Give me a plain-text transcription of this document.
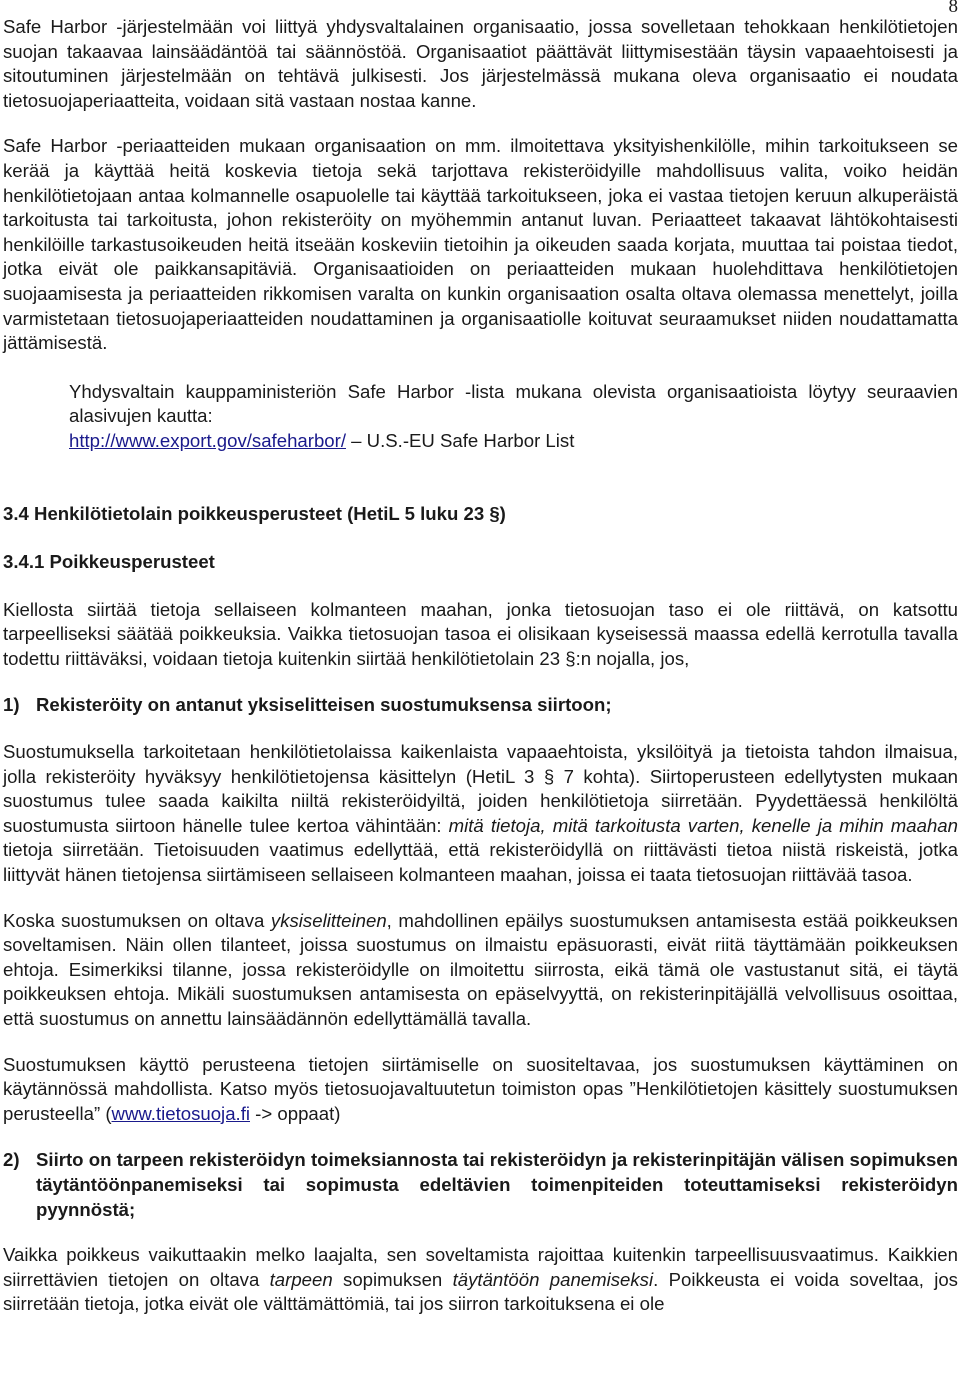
8

Safe Harbor -järjestelmään voi liittyä yhdysvaltalainen organisaatio, jossa sovelletaan tehokkaan henkilötietojen suojan takaavaa lainsäädäntöä tai säännöstöä. Organisaatiot päättävät liittymisestään täysin vapaaehtoisesti ja sitoutuminen järjestelmään on tehtävä julkisesti. Jos järjestelmässä mukana oleva organisaatio ei noudata tietosuojaperiaatteita, voidaan sitä vastaan nostaa kanne.

Safe Harbor -periaatteiden mukaan organisaation on mm. ilmoitettava yksityishenkilölle, mihin tarkoitukseen se kerää ja käyttää heitä koskevia tietoja sekä tarjottava rekisteröidyille mahdollisuus valita, voiko heidän henkilötietojaan antaa kolmannelle osapuolelle tai käyttää tarkoitukseen, joka ei vastaa tietojen keruun alkuperäistä tarkoitusta tai tarkoitusta, johon rekisteröity on myöhemmin antanut luvan. Periaatteet takaavat lähtökohtaisesti henkilöille tarkastusoikeuden heitä itseään koskeviin tietoihin ja oikeuden saada korjata, muuttaa tai poistaa tiedot, jotka eivät ole paikkansapitäviä. Organisaatioiden on periaatteiden mukaan huolehdittava henkilötietojen suojaamisesta ja periaatteiden rikkomisen varalta on kunkin organisaation osalta oltava olemassa menettelyt, joilla varmistetaan tietosuojaperiaatteiden noudattaminen ja organisaatiolle koituvat seuraamukset niiden noudattamatta jättämisestä.

Yhdysvaltain kauppaministeriön Safe Harbor -lista mukana olevista organisaatioista löytyy seuraavien alasivujen kautta:

http://www.export.gov/safeharbor/ – U.S.-EU Safe Harbor List

3.4 Henkilötietolain poikkeusperusteet (HetiL 5 luku 23 §)
3.4.1 Poikkeusperusteet

Kiellosta siirtää tietoja sellaiseen kolmanteen maahan, jonka tietosuojan taso ei ole riittävä, on katsottu tarpeelliseksi säätää poikkeuksia. Vaikka tietosuojan tasoa ei olisikaan kyseisessä maassa edellä kerrotulla tavalla todettu riittäväksi, voidaan tietoja kuitenkin siirtää henkilötietolain 23 §:n nojalla, jos,

1) Rekisteröity on antanut yksiselitteisen suostumuksensa siirtoon;

Suostumuksella tarkoitetaan henkilötietolaissa kaikenlaista vapaaehtoista, yksilöityä ja tietoista tahdon ilmaisua, jolla rekisteröity hyväksyy henkilötietojensa käsittelyn (HetiL 3 § 7 kohta). Siirtoperusteen edellytysten mukaan suostumus tulee saada kaikilta niiltä rekisteröidyiltä, joiden henkilötietoja siirretään. Pyydettäessä henkilöltä suostumusta siirtoon hänelle tulee kertoa vähintään: mitä tietoja, mitä tarkoitusta varten, kenelle ja mihin maahan tietoja siirretään. Tietoisuuden vaatimus edellyttää, että rekisteröidyllä on riittävästi tietoa niistä riskeistä, jotka liittyvät hänen tietojensa siirtämiseen sellaiseen kolmanteen maahan, joissa ei taata tietosuojan riittävää tasoa.

Koska suostumuksen on oltava yksiselitteinen, mahdollinen epäilys suostumuksen antamisesta estää poikkeuksen soveltamisen. Näin ollen tilanteet, joissa suostumus on ilmaistu epäsuorasti, eivät riitä täyttämään poikkeuksen ehtoja. Esimerkiksi tilanne, jossa rekisteröidylle on ilmoitettu siirrosta, eikä tämä ole vastustanut sitä, ei täytä poikkeuksen ehtoja. Mikäli suostumuksen antamisesta on epäselvyyttä, on rekisterinpitäjällä velvollisuus osoittaa, että suostumus on annettu lainsäädännön edellyttämällä tavalla.

Suostumuksen käyttö perusteena tietojen siirtämiselle on suositeltavaa, jos suostumuksen käyttäminen on käytännössä mahdollista. Katso myös tietosuojavaltuutetun toimiston opas ”Henkilötietojen käsittely suostumuksen perusteella” (www.tietosuoja.fi -> oppaat)

2) Siirto on tarpeen rekisteröidyn toimeksiannosta tai rekisteröidyn ja rekisterinpitäjän välisen sopimuksen täytäntöönpanemiseksi tai sopimusta edeltävien toimenpiteiden toteuttamiseksi rekisteröidyn pyynnöstä;

Vaikka poikkeus vaikuttaakin melko laajalta, sen soveltamista rajoittaa kuitenkin tarpeellisuusvaatimus. Kaikkien siirrettävien tietojen on oltava tarpeen sopimuksen täytäntöön panemiseksi. Poikkeusta ei voida soveltaa, jos siirretään tietoja, jotka eivät ole välttämättömiä, tai jos siirron tarkoituksena ei ole
